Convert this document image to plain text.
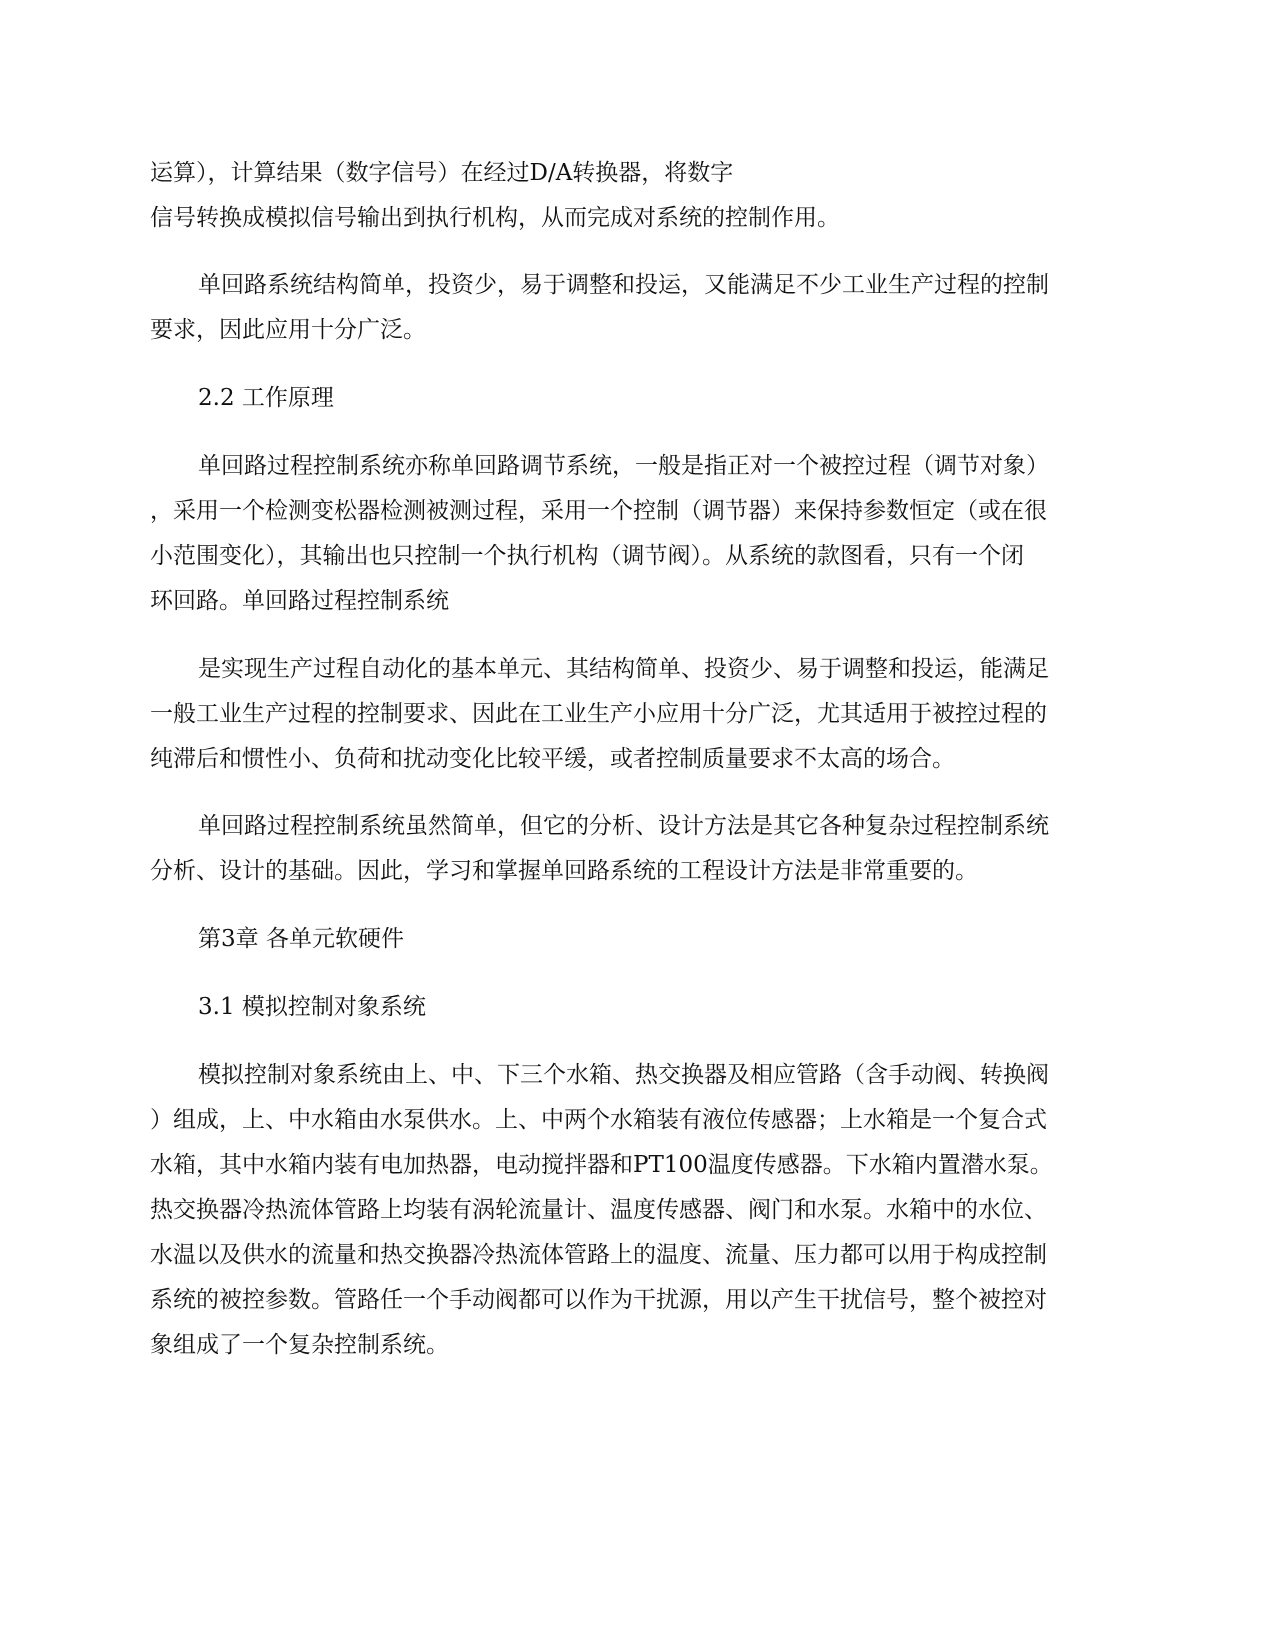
运算），计算结果（数字信号）在经过D/A转换器，将数字
信号转换成模拟信号输出到执行机构，从而完成对系统的控制作用。
单回路系统结构简单，投资少，易于调整和投运，又能满足不少工业生产过程的控制
要求，因此应用十分广泛。
2.2 工作原理
单回路过程控制系统亦称单回路调节系统，一般是指正对一个被控过程（调节对象）
，采用一个检测变松器检测被测过程，采用一个控制（调节器）来保持参数恒定（或在很
小范围变化），其输出也只控制一个执行机构（调节阀）。从系统的款图看，只有一个闭
环回路。单回路过程控制系统
是实现生产过程自动化的基本单元、其结构简单、投资少、易于调整和投运，能满足
一般工业生产过程的控制要求、因此在工业生产小应用十分广泛，尤其适用于被控过程的
纯滞后和惯性小、负荷和扰动变化比较平缓，或者控制质量要求不太高的场合。
单回路过程控制系统虽然简单，但它的分析、设计方法是其它各种复杂过程控制系统
分析、设计的基础。因此，学习和掌握单回路系统的工程设计方法是非常重要的。
第3章 各单元软硬件
3.1 模拟控制对象系统
模拟控制对象系统由上、中、下三个水箱、热交换器及相应管路（含手动阀、转换阀
）组成，上、中水箱由水泵供水。上、中两个水箱装有液位传感器；上水箱是一个复合式
水箱，其中水箱内装有电加热器，电动搅拌器和PT100温度传感器。下水箱内置潜水泵。
热交换器冷热流体管路上均装有涡轮流量计、温度传感器、阀门和水泵。水箱中的水位、
水温以及供水的流量和热交换器冷热流体管路上的温度、流量、压力都可以用于构成控制
系统的被控参数。管路任一个手动阀都可以作为干扰源，用以产生干扰信号，整个被控对
象组成了一个复杂控制系统。
